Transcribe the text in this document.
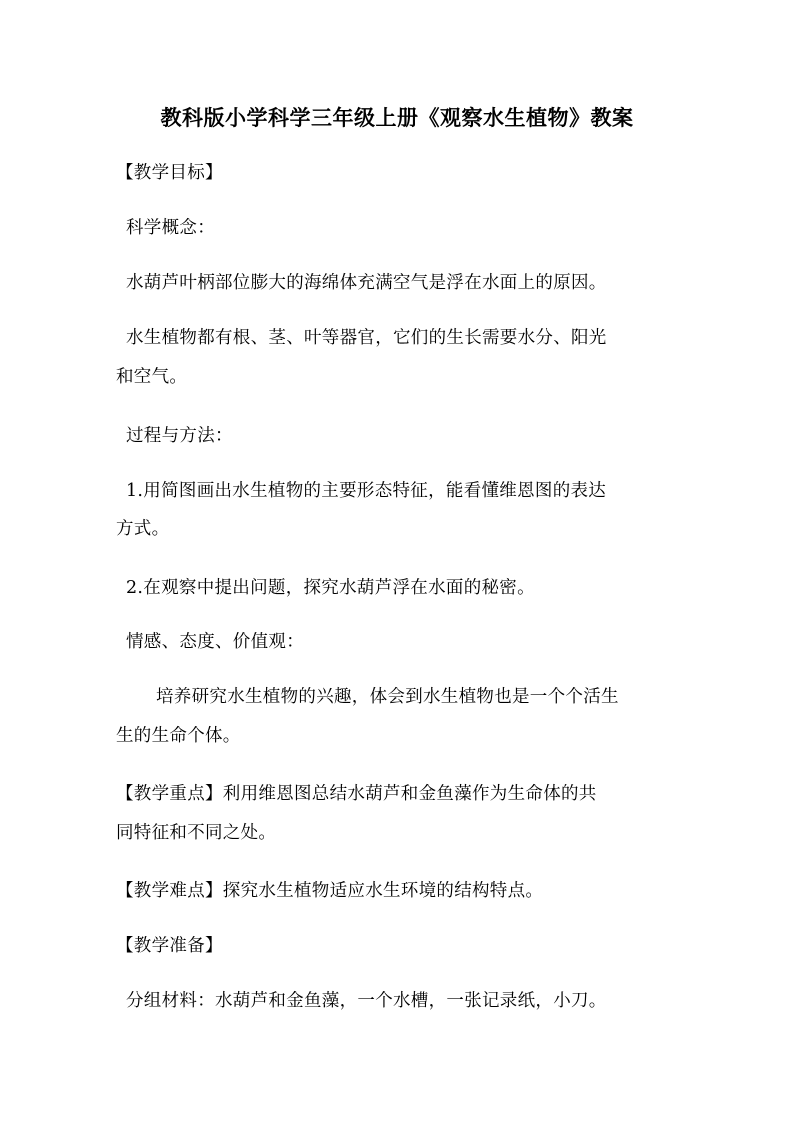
教科版小学科学三年级上册《观察水生植物》教案
【教学目标】
科学概念：
水葫芦叶柄部位膨大的海绵体充满空气是浮在水面上的原因。
水生植物都有根、茎、叶等器官，它们的生长需要水分、阳光
和空气。
过程与方法：
1.用简图画出水生植物的主要形态特征，能看懂维恩图的表达
方式。
2.在观察中提出问题，探究水葫芦浮在水面的秘密。
情感、态度、价值观：
培养研究水生植物的兴趣，体会到水生植物也是一个个活生
生的生命个体。
【教学重点】利用维恩图总结水葫芦和金鱼藻作为生命体的共
同特征和不同之处。
【教学难点】探究水生植物适应水生环境的结构特点。
【教学准备】
分组材料：水葫芦和金鱼藻，一个水槽，一张记录纸，小刀。
